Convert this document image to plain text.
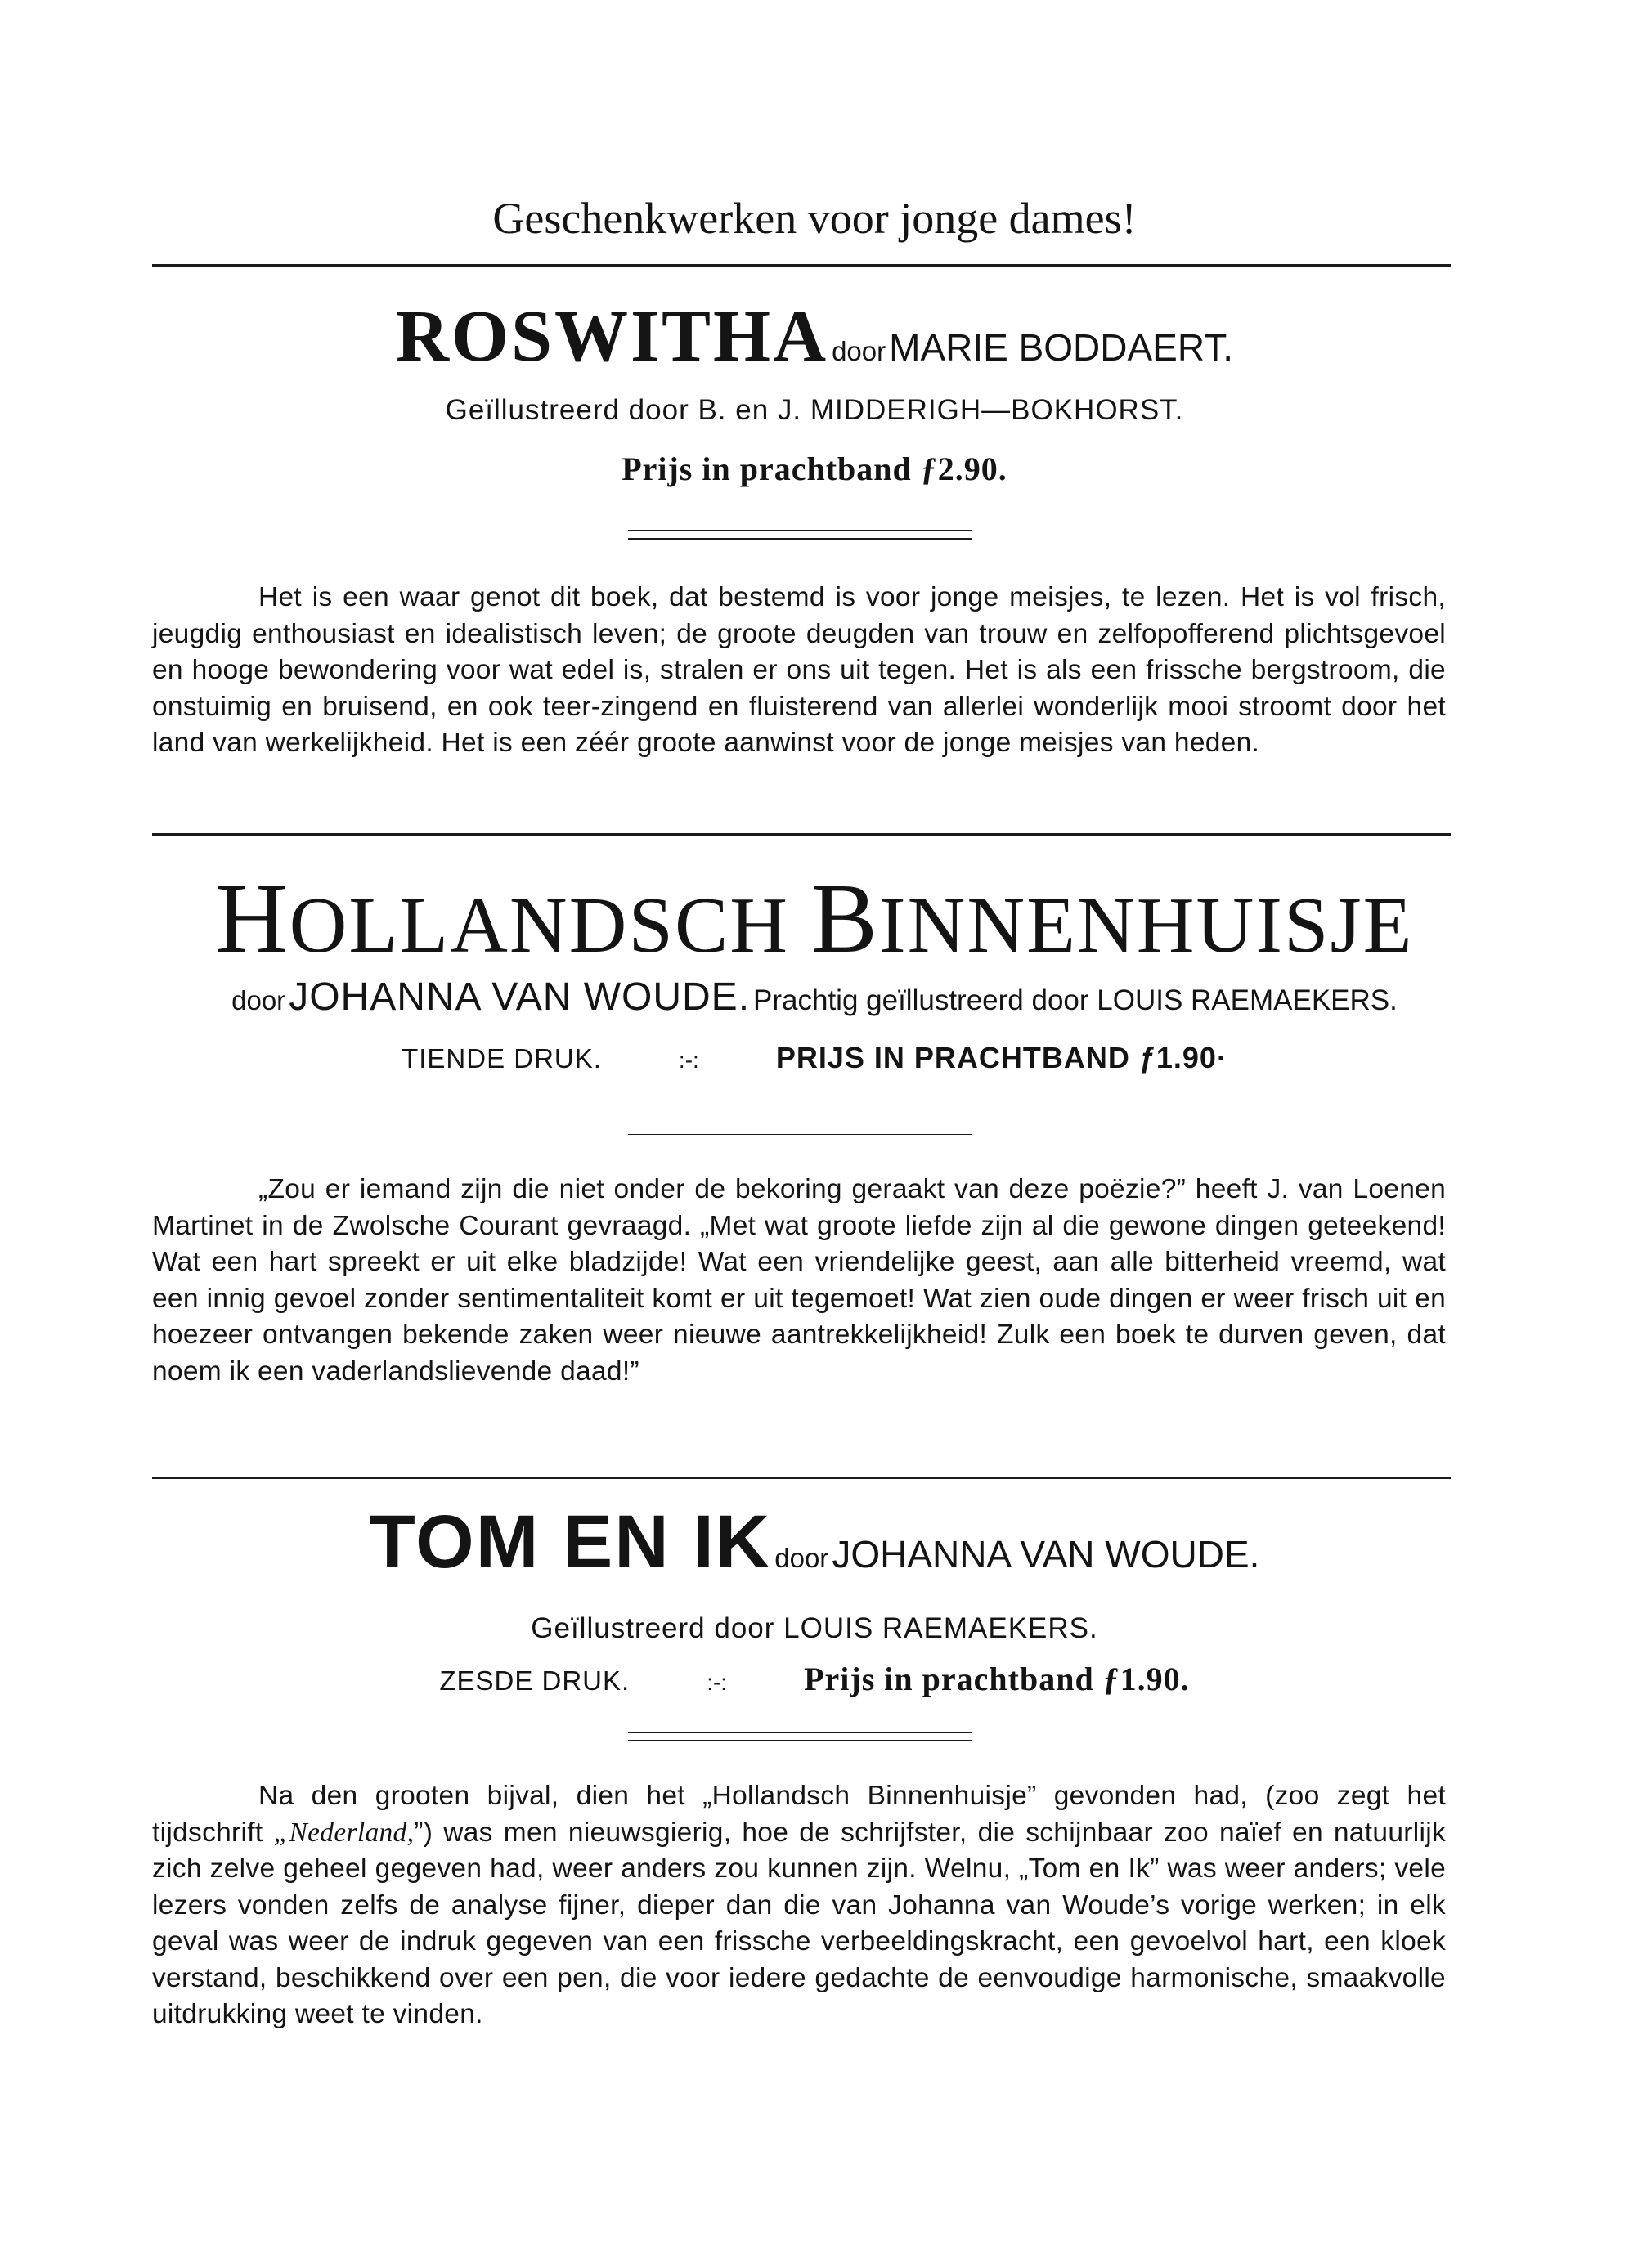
Geschenkwerken voor jonge dames!
ROSWITHA door MARIE BODDAERT.
Geïllustreerd door B. en J. MIDDERIGH—BOKHORST.
Prijs in prachtband ƒ2.90.
Het is een waar genot dit boek, dat bestemd is voor jonge meisjes, te lezen. Het is vol frisch, jeugdig enthousiast en idealistisch leven; de groote deugden van trouw en zelfopofferend plichtsgevoel en hooge bewondering voor wat edel is, stralen er ons uit tegen. Het is als een frissche bergstroom, die onstuimig en bruisend, en ook teer-zingend en fluisterend van allerlei wonderlijk mooi stroomt door het land van werkelijkheid. Het is een zéér groote aanwinst voor de jonge meisjes van heden.
HOLLANDSCH BINNENHUISJE
door JOHANNA VAN WOUDE. Prachtig geïllustreerd door LOUIS RAEMAEKERS.
TIENDE DRUK.	:-:	PRIJS IN PRACHTBAND ƒ1.90·
„Zou er iemand zijn die niet onder de bekoring geraakt van deze poëzie?” heeft J. van Loenen Martinet in de Zwolsche Courant gevraagd. „Met wat groote liefde zijn al die gewone dingen geteekend! Wat een hart spreekt er uit elke bladzijde! Wat een vriendelijke geest, aan alle bitterheid vreemd, wat een innig gevoel zonder sentimentaliteit komt er uit tegemoet! Wat zien oude dingen er weer frisch uit en hoezeer ontvangen bekende zaken weer nieuwe aantrekkelijkheid! Zulk een boek te durven geven, dat noem ik een vaderlandslievende daad!”
TOM EN IK door JOHANNA VAN WOUDE.
Geïllustreerd door LOUIS RAEMAEKERS.
ZESDE DRUK.	:-: Prijs in prachtband ƒ1.90.
Na den grooten bijval, dien het „Hollandsch Binnenhuisje” gevonden had, (zoo zegt het tijdschrift „Nederland,”) was men nieuwsgierig, hoe de schrijfster, die schijnbaar zoo naïef en natuurlijk zich zelve geheel gegeven had, weer anders zou kunnen zijn. Welnu, „Tom en Ik” was weer anders; vele lezers vonden zelfs de analyse fijner, dieper dan die van Johanna van Woude’s vorige werken; in elk geval was weer de indruk gegeven van een frissche verbeeldingskracht, een gevoelvol hart, een kloek verstand, beschikkend over een pen, die voor iedere gedachte de eenvoudige harmonische, smaakvolle uitdrukking weet te vinden.
